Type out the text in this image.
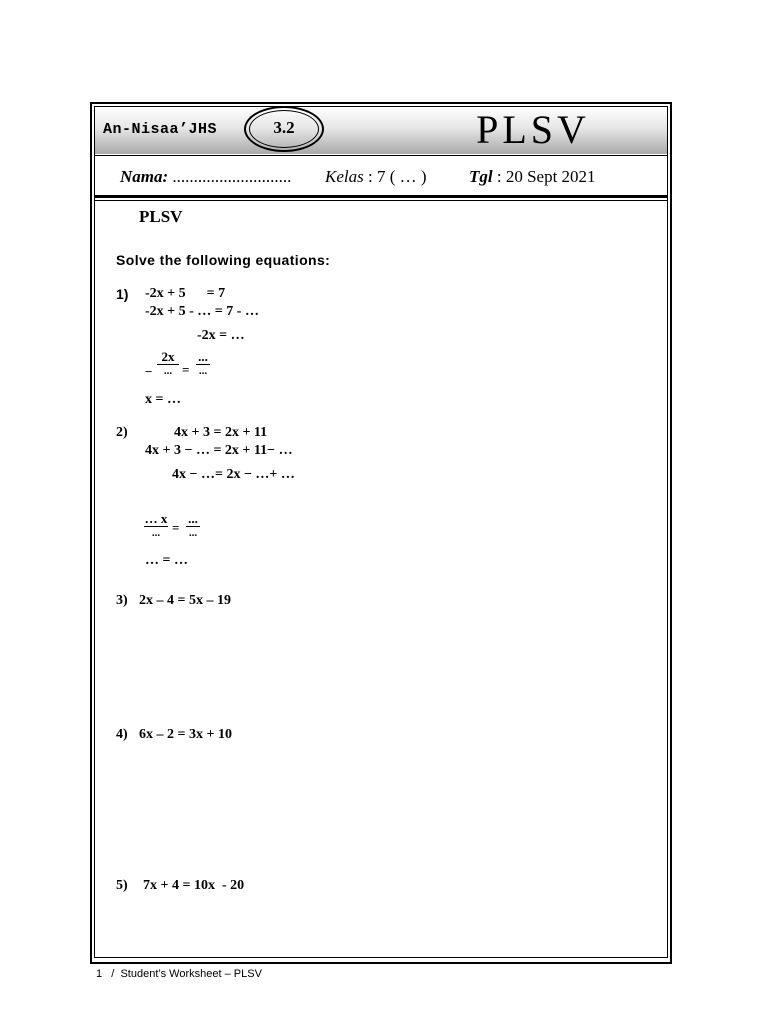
An-Nisaa’JHS	3.2	PLSV
Nama: ............................ Kelas : 7 ( … ) Tgl : 20 Sept 2021
PLSV
Solve the following equations:
1) -2x + 5      = 7
-2x + 5 - … = 7 - …
-2x = …
−
2x
... =
...
...
x = …
2)	4x + 3 = 2x + 11
4x + 3 − … = 2x + 11− …
4x − …= 2x − …+ …
… x
... =
...
...
… = …
3) 2x – 4 = 5x – 19
4) 6x – 2 = 3x + 10
5) 7x + 4 = 10x  - 20
1   /  Student’s Worksheet – PLSV
